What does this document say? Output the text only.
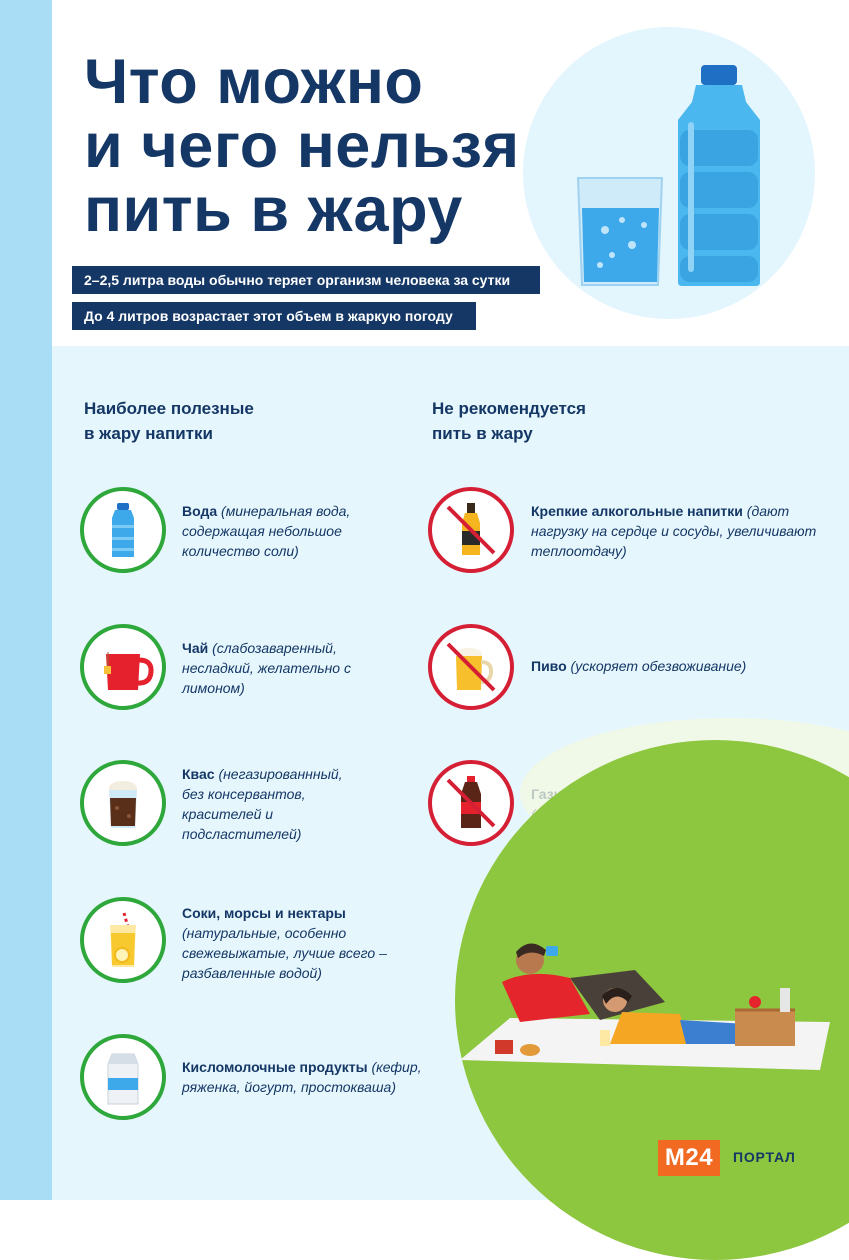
Что можно
и чего нельзя
пить в жару
2–2,5 литра воды обычно теряет организм человека за сутки
До 4 литров возрастает этот объем в жаркую погоду
Наиболее полезные
в жару напитки
Не рекомендуется
пить в жару
Вода (минеральная вода, содержащая небольшое количество соли)
Чай (слабозаваренный, несладкий, желательно с лимоном)
Квас (негазированнный, без консервантов, красителей и подсластителей)
Соки, морсы и нектары (натуральные, особенно свежевыжатые, лучше всего – разбавленные водой)
Кисломолочные продукты (кефир, ряженка, йогурт, простокваша)
Крепкие алкогольные напитки (дают нагрузку на сердце и сосуды, увеличивают теплоотдачу)
Пиво (ускоряет обезвоживание)
M24	ПОРТАЛ
